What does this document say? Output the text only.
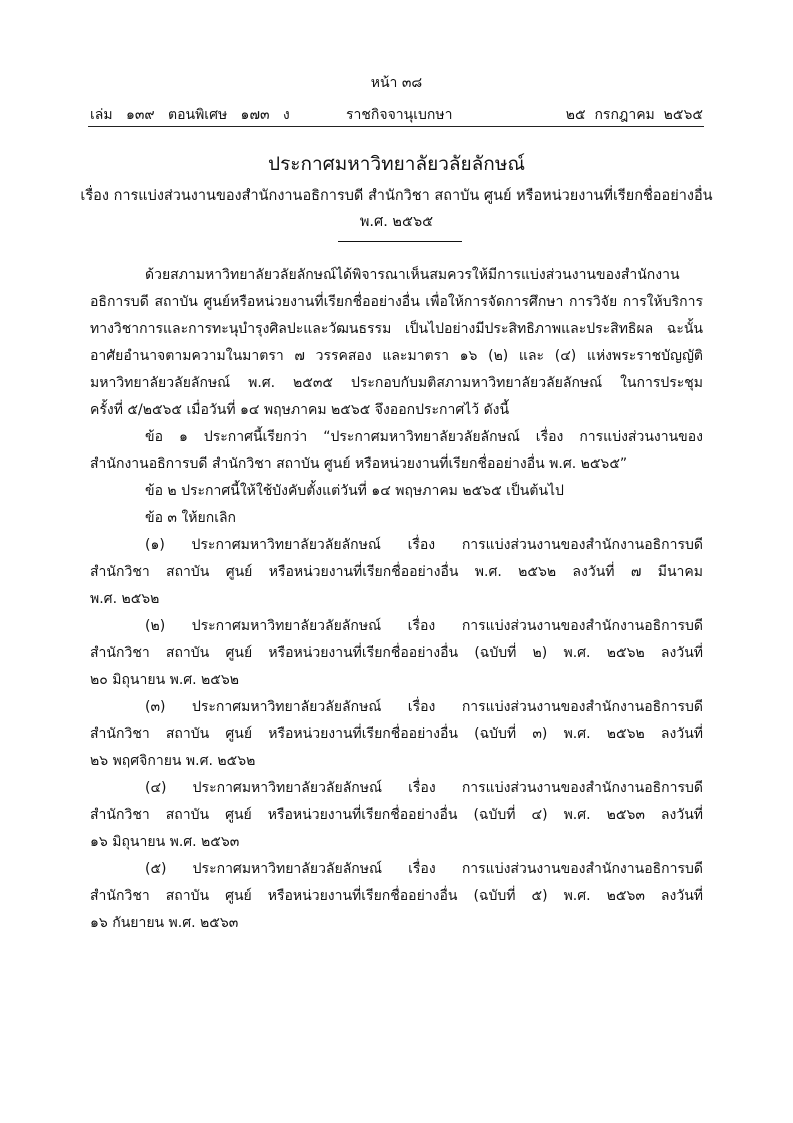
หน้า ๓๘
เล่ม   ๑๓๙   ตอนพิเศษ   ๑๗๓   ง	ราชกิจจานุเบกษา	๒๕  กรกฎาคม  ๒๕๖๕
ประกาศมหาวิทยาลัยวลัยลักษณ์
เรื่อง การแบ่งส่วนงานของสำนักงานอธิการบดี สำนักวิชา สถาบัน ศูนย์ หรือหน่วยงานที่เรียกชื่ออย่างอื่น
พ.ศ. ๒๕๖๕
ด้วยสภามหาวิทยาลัยวลัยลักษณ์ได้พิจารณาเห็นสมควรให้มีการแบ่งส่วนงานของสำนักงาน
อธิการบดี สถาบัน ศูนย์หรือหน่วยงานที่เรียกชื่ออย่างอื่น เพื่อให้การจัดการศึกษา การวิจัย การให้บริการ
ทางวิชาการและการทะนุบำรุงศิลปะและวัฒนธรรม เป็นไปอย่างมีประสิทธิภาพและประสิทธิผล ฉะนั้น
อาศัยอำนาจตามความในมาตรา ๗ วรรคสอง และมาตรา ๑๖ (๒) และ (๔) แห่งพระราชบัญญัติ
มหาวิทยาลัยวลัยลักษณ์ พ.ศ. ๒๕๓๕ ประกอบกับมติสภามหาวิทยาลัยวลัยลักษณ์ ในการประชุม
ครั้งที่ ๕/๒๕๖๕ เมื่อวันที่ ๑๔ พฤษภาคม ๒๕๖๕ จึงออกประกาศไว้ ดังนี้
ข้อ ๑ ประกาศนี้เรียกว่า “ประกาศมหาวิทยาลัยวลัยลักษณ์ เรื่อง การแบ่งส่วนงานของ
สำนักงานอธิการบดี สำนักวิชา สถาบัน ศูนย์ หรือหน่วยงานที่เรียกชื่ออย่างอื่น พ.ศ. ๒๕๖๕”
ข้อ ๒ ประกาศนี้ให้ใช้บังคับตั้งแต่วันที่ ๑๔ พฤษภาคม ๒๕๖๕ เป็นต้นไป
ข้อ ๓ ให้ยกเลิก
(๑) ประกาศมหาวิทยาลัยวลัยลักษณ์ เรื่อง การแบ่งส่วนงานของสำนักงานอธิการบดี
สำนักวิชา สถาบัน ศูนย์ หรือหน่วยงานที่เรียกชื่ออย่างอื่น พ.ศ. ๒๕๖๒ ลงวันที่ ๗ มีนาคม
พ.ศ. ๒๕๖๒
(๒) ประกาศมหาวิทยาลัยวลัยลักษณ์ เรื่อง การแบ่งส่วนงานของสำนักงานอธิการบดี
สำนักวิชา สถาบัน ศูนย์ หรือหน่วยงานที่เรียกชื่ออย่างอื่น (ฉบับที่ ๒) พ.ศ. ๒๕๖๒ ลงวันที่
๒๐ มิถุนายน พ.ศ. ๒๕๖๒
(๓) ประกาศมหาวิทยาลัยวลัยลักษณ์ เรื่อง การแบ่งส่วนงานของสำนักงานอธิการบดี
สำนักวิชา สถาบัน ศูนย์ หรือหน่วยงานที่เรียกชื่ออย่างอื่น (ฉบับที่ ๓) พ.ศ. ๒๕๖๒ ลงวันที่
๒๖ พฤศจิกายน พ.ศ. ๒๕๖๒
(๔) ประกาศมหาวิทยาลัยวลัยลักษณ์ เรื่อง การแบ่งส่วนงานของสำนักงานอธิการบดี
สำนักวิชา สถาบัน ศูนย์ หรือหน่วยงานที่เรียกชื่ออย่างอื่น (ฉบับที่ ๔) พ.ศ. ๒๕๖๓ ลงวันที่
๑๖ มิถุนายน พ.ศ. ๒๕๖๓
(๕) ประกาศมหาวิทยาลัยวลัยลักษณ์ เรื่อง การแบ่งส่วนงานของสำนักงานอธิการบดี
สำนักวิชา สถาบัน ศูนย์ หรือหน่วยงานที่เรียกชื่ออย่างอื่น (ฉบับที่ ๕) พ.ศ. ๒๕๖๓ ลงวันที่
๑๖ กันยายน พ.ศ. ๒๕๖๓
